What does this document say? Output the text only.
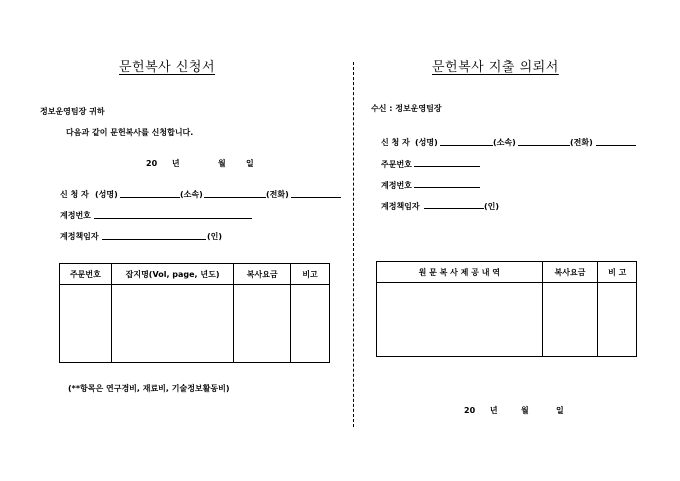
문헌복사 신청서
정보운영팀장 귀하
다음과 같이 문헌복사를 신청합니다.
20 년	월	일
신 청 자 (성명)	(소속)	(전화)
계정번호
계정책임자	(인)
주문번호	잡지명(Vol, page, 년도)	복사요금	비고

(**항목은 연구경비, 재료비, 기술정보활동비)
문헌복사 지출 의뢰서
수신 : 정보운영팀장
신 청 자 (성명)	(소속)	(전화)
주문번호
계정번호
계정책임자	(인)
원 문 복 사 제 공 내 역	복사요금	비 고

20 년	월	일
